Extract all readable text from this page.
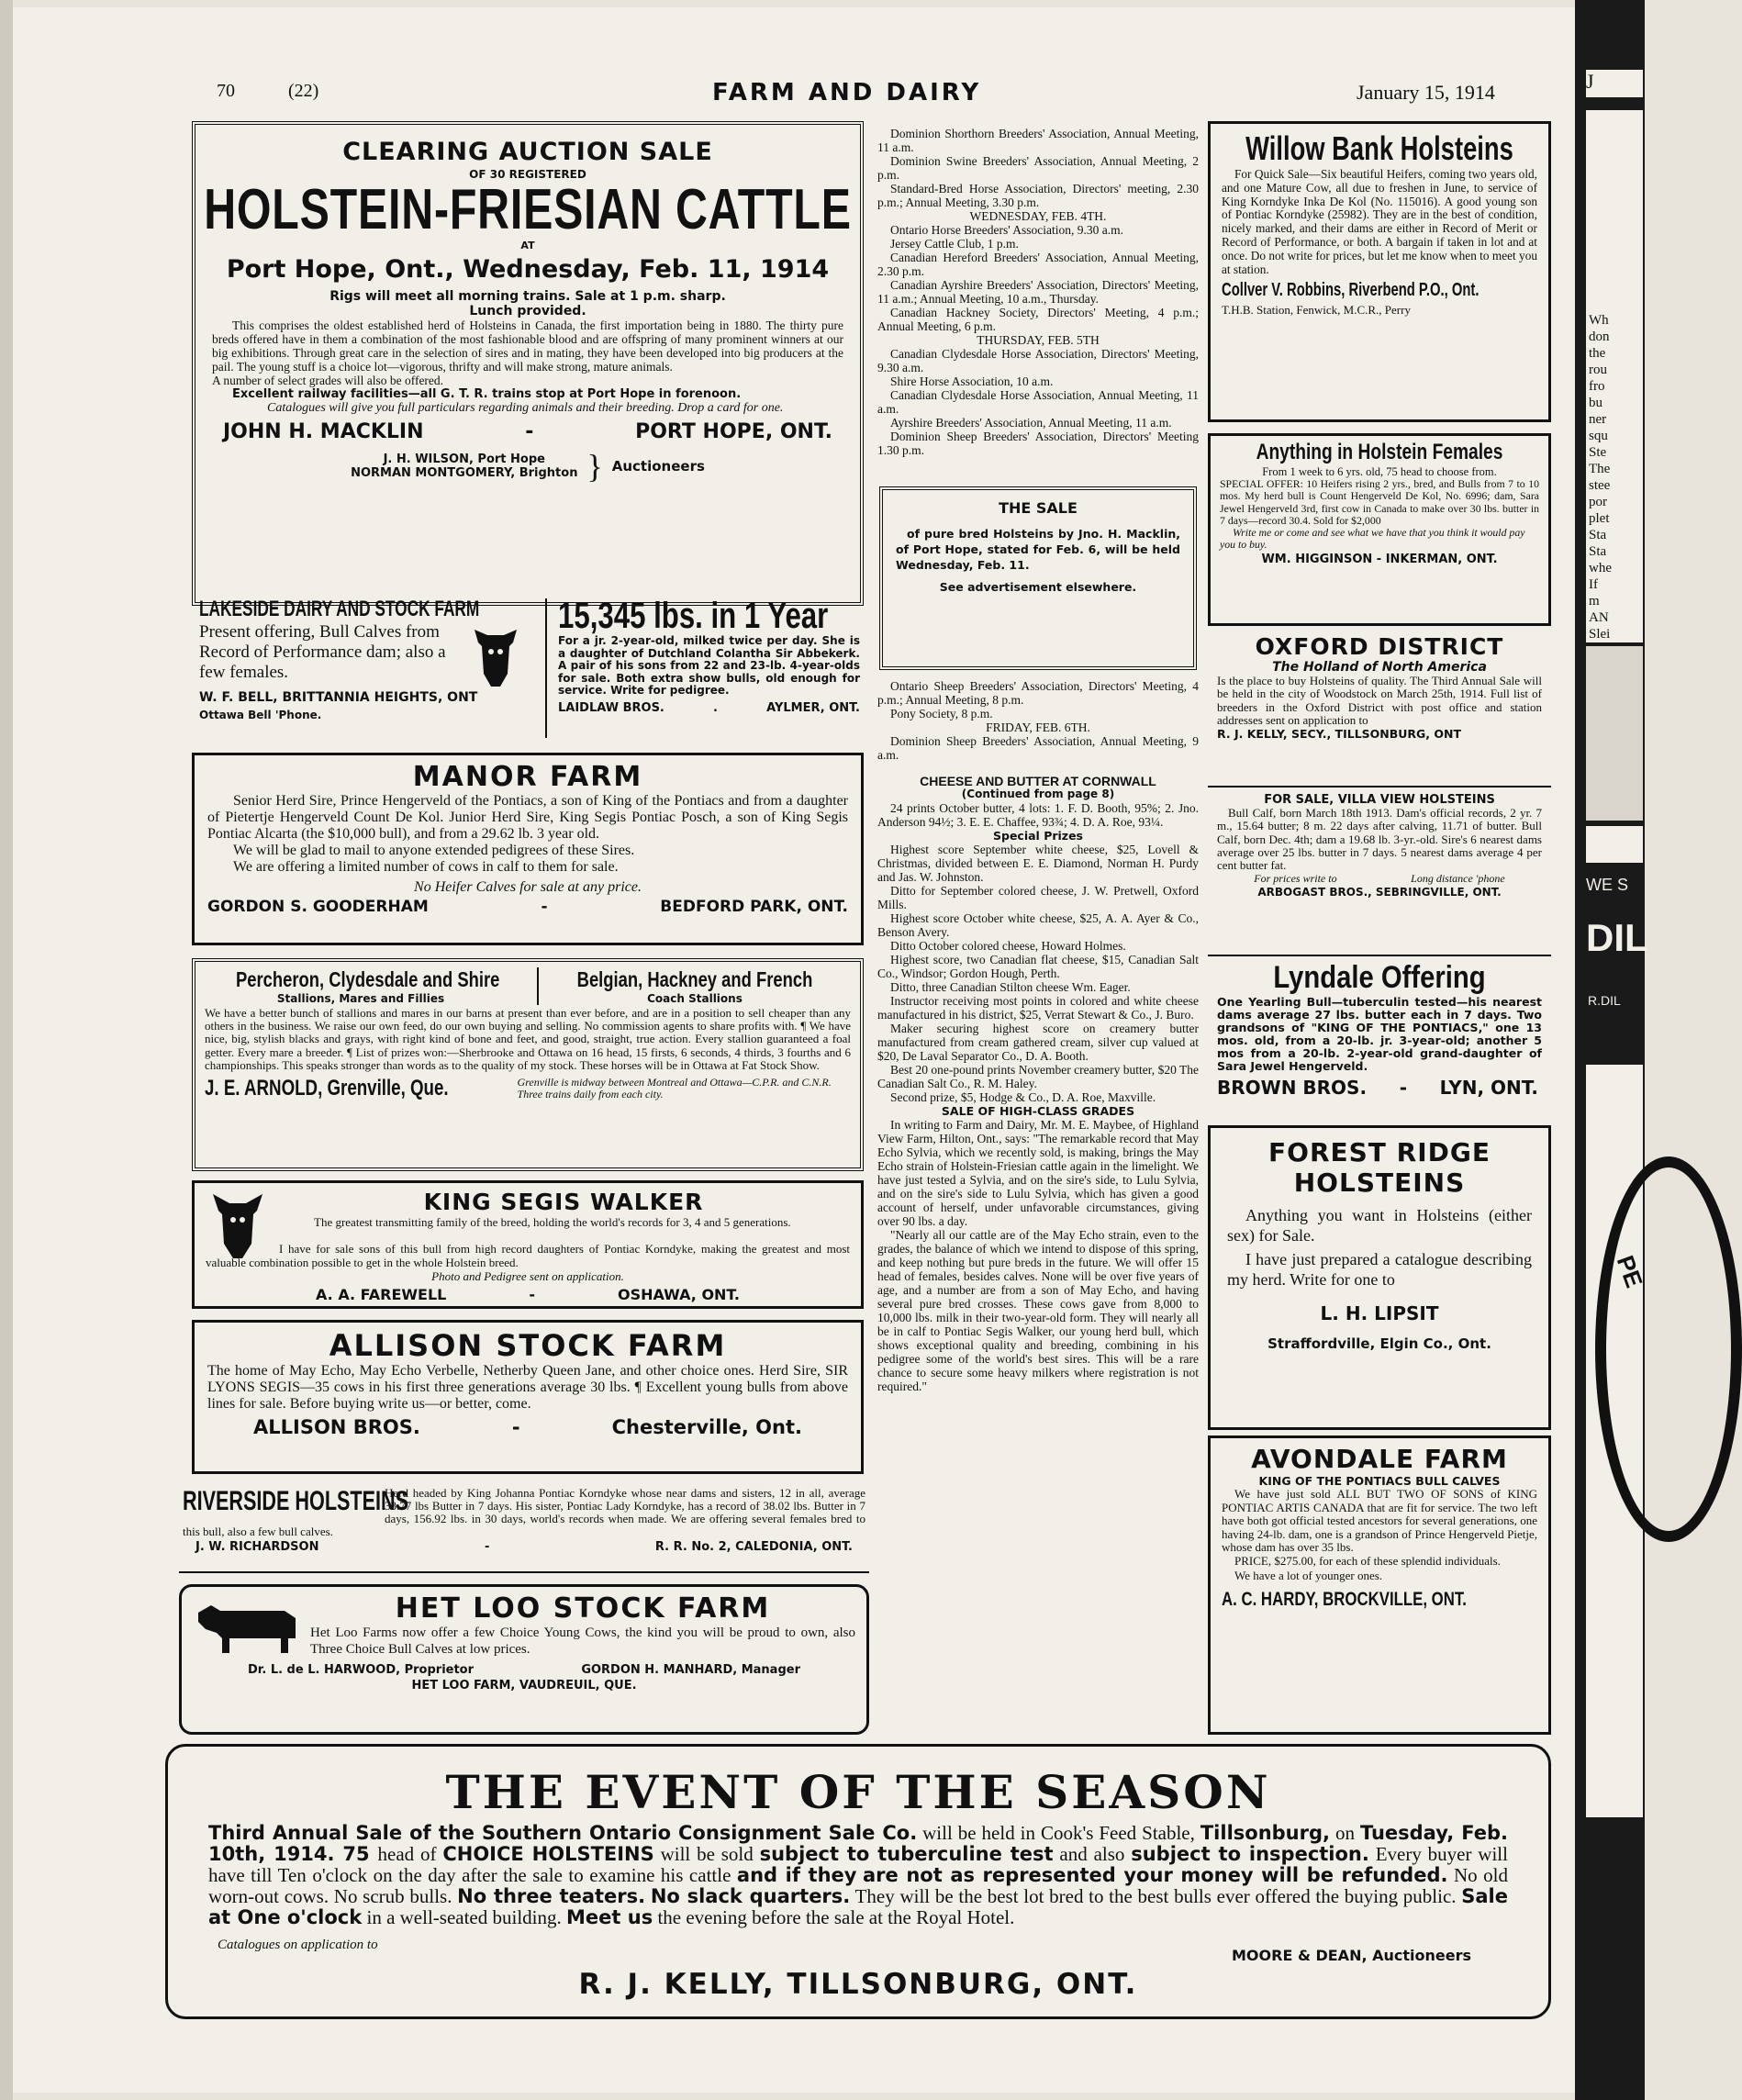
70	(22)	FARM AND DAIRY	January 15, 1914
CLEARING AUCTION SALE
OF 30 REGISTERED
HOLSTEIN-FRIESIAN CATTLE
AT
Port Hope, Ont., Wednesday, Feb. 11, 1914
Rigs will meet all morning trains. Sale at 1 p.m. sharp.
Lunch provided.
This comprises the oldest established herd of Holsteins in Canada, the first importation being in 1880. The thirty pure breds offered have in them a combination of the most fashionable blood and are offspring of many prominent winners at our big exhibitions. Through great care in the selection of sires and in mating, they have been developed into big producers at the pail. The young stuff is a choice lot—vigorous, thrifty and will make strong, mature animals.
A number of select grades will also be offered.
Excellent railway facilities—all G. T. R. trains stop at Port Hope in forenoon.
Catalogues will give you full particulars regarding animals and their breeding. Drop a card for one.
JOHN H. MACKLIN	-	PORT HOPE, ONT.
J. H. WILSON, Port Hope
NORMAN MONTGOMERY, Brighton } Auctioneers
LAKESIDE DAIRY AND STOCK FARM
Present offering, Bull Calves from Record of Performance dam; also a few females.
W. F. BELL, BRITTANNIA HEIGHTS, ONT
Ottawa Bell 'Phone.
15,345 lbs. in 1 Year
For a jr. 2-year-old, milked twice per day. She is a daughter of Dutchland Colantha Sir Abbekerk. A pair of his sons from 22 and 23-lb. 4-year-olds for sale. Both extra show bulls, old enough for service. Write for pedigree.
LAIDLAW BROS.	.	AYLMER, ONT.
MANOR FARM
Senior Herd Sire, Prince Hengerveld of the Pontiacs, a son of King of the Pontiacs and from a daughter of Pietertje Hengerveld Count De Kol. Junior Herd Sire, King Segis Pontiac Posch, a son of King Segis Pontiac Alcarta (the $10,000 bull), and from a 29.62 lb. 3 year old.
We will be glad to mail to anyone extended pedigrees of these Sires.
We are offering a limited number of cows in calf to them for sale.
No Heifer Calves for sale at any price.
GORDON S. GOODERHAM	-	BEDFORD PARK, ONT.
Percheron, Clydesdale and Shire
Stallions, Mares and Fillies
Belgian, Hackney and French
Coach Stallions
We have a better bunch of stallions and mares in our barns at present than ever before, and are in a position to sell cheaper than any others in the business. We raise our own feed, do our own buying and selling. No commission agents to share profits with. ¶ We have nice, big, stylish blacks and grays, with right kind of bone and feet, and good, straight, true action. Every stallion guaranteed a foal getter. Every mare a breeder. ¶ List of prizes won:—Sherbrooke and Ottawa on 16 head, 15 firsts, 6 seconds, 4 thirds, 3 fourths and 6 championships. This speaks stronger than words as to the quality of my stock. These horses will be in Ottawa at Fat Stock Show.
J. E. ARNOLD, Grenville, Que.	Grenville is midway between Montreal and Ottawa—C.P.R. and C.N.R. Three trains daily from each city.
KING SEGIS WALKER
The greatest transmitting family of the breed, holding the world's records for 3, 4 and 5 generations.
I have for sale sons of this bull from high record daughters of Pontiac Korndyke, making the greatest and most valuable combination possible to get in the whole Holstein breed.
Photo and Pedigree sent on application.
A. A. FAREWELL	-	OSHAWA, ONT.
ALLISON STOCK FARM
The home of May Echo, May Echo Verbelle, Netherby Queen Jane, and other choice ones. Herd Sire, SIR LYONS SEGIS—35 cows in his first three generations average 30 lbs. ¶ Excellent young bulls from above lines for sale. Before buying write us—or better, come.
ALLISON BROS.	-	Chesterville, Ont.
RIVERSIDE HOLSTEINS
Herd headed by King Johanna Pontiac Korndyke whose near dams and sisters, 12 in all, average 33.77 lbs Butter in 7 days. His sister, Pontiac Lady Korndyke, has a record of 38.02 lbs. Butter in 7 days, 156.92 lbs. in 30 days, world's records when made. We are offering several females bred to this bull, also a few bull calves.
J. W. RICHARDSON	-	R. R. No. 2, CALEDONIA, ONT.
HET LOO STOCK FARM
Het Loo Farms now offer a few Choice Young Cows, the kind you will be proud to own, also Three Choice Bull Calves at low prices.
Dr. L. de L. HARWOOD, Proprietor	GORDON H. MANHARD, Manager
HET LOO FARM, VAUDREUIL, QUE.

Dominion Shorthorn Breeders' Association, Annual Meeting, 11 a.m.

Dominion Swine Breeders' Association, Annual Meeting, 2 p.m.

Standard-Bred Horse Association, Directors' meeting, 2.30 p.m.; Annual Meeting, 3.30 p.m.

WEDNESDAY, FEB. 4TH.

Ontario Horse Breeders' Association, 9.30 a.m.

Jersey Cattle Club, 1 p.m.

Canadian Hereford Breeders' Association, Annual Meeting, 2.30 p.m.

Canadian Ayrshire Breeders' Association, Directors' Meeting, 11 a.m.; Annual Meeting, 10 a.m., Thursday.

Canadian Hackney Society, Directors' Meeting, 4 p.m.; Annual Meeting, 6 p.m.

THURSDAY, FEB. 5TH

Canadian Clydesdale Horse Association, Directors' Meeting, 9.30 a.m.

Shire Horse Association, 10 a.m.

Canadian Clydesdale Horse Association, Annual Meeting, 11 a.m.

Ayrshire Breeders' Association, Annual Meeting, 11 a.m.

Dominion Sheep Breeders' Association, Directors' Meeting 1.30 p.m.

THE SALE
of pure bred Holsteins by Jno. H. Macklin, of Port Hope, stated for Feb. 6, will be held Wednesday, Feb. 11.
See advertisement elsewhere.

Ontario Sheep Breeders' Association, Directors' Meeting, 4 p.m.; Annual Meeting, 8 p.m.

Pony Society, 8 p.m.

FRIDAY, FEB. 6TH.

Dominion Sheep Breeders' Association, Annual Meeting, 9 a.m.

CHEESE AND BUTTER AT CORNWALL

(Continued from page 8)

24 prints October butter, 4 lots: 1. F. D. Booth, 95%; 2. Jno. Anderson 94½; 3. E. E. Chaffee, 93¾; 4. D. A. Roe, 93¼.

Special Prizes

Highest score September white cheese, $25, Lovell & Christmas, divided between E. E. Diamond, Norman H. Purdy and Jas. W. Johnston.

Ditto for September colored cheese, J. W. Pretwell, Oxford Mills.

Highest score October white cheese, $25, A. A. Ayer & Co., Benson Avery.

Ditto October colored cheese, Howard Holmes.

Highest score, two Canadian flat cheese, $15, Canadian Salt Co., Windsor; Gordon Hough, Perth.

Ditto, three Canadian Stilton cheese Wm. Eager.

Instructor receiving most points in colored and white cheese manufactured in his district, $25, Verrat Stewart & Co., J. Buro.

Maker securing highest score on creamery butter manufactured from cream gathered cream, silver cup valued at $20, De Laval Separator Co., D. A. Booth.

Best 20 one-pound prints November creamery butter, $20 The Canadian Salt Co., R. M. Haley.

Second prize, $5, Hodge & Co., D. A. Roe, Maxville.

SALE OF HIGH-CLASS GRADES

In writing to Farm and Dairy, Mr. M. E. Maybee, of Highland View Farm, Hilton, Ont., says: "The remarkable record that May Echo Sylvia, which we recently sold, is making, brings the May Echo strain of Holstein-Friesian cattle again in the limelight. We have just tested a Sylvia, and on the sire's side, to Lulu Sylvia, and on the sire's side to Lulu Sylvia, which has given a good account of herself, under unfavorable circumstances, giving over 90 lbs. a day.

"Nearly all our cattle are of the May Echo strain, even to the grades, the balance of which we intend to dispose of this spring, and keep nothing but pure breds in the future. We will offer 15 head of females, besides calves. None will be over five years of age, and a number are from a son of May Echo, and having several pure bred crosses. These cows gave from 8,000 to 10,000 lbs. milk in their two-year-old form. They will nearly all be in calf to Pontiac Segis Walker, our young herd bull, which shows exceptional quality and breeding, combining in his pedigree some of the world's best sires. This will be a rare chance to secure some heavy milkers where registration is not required."

Willow Bank Holsteins
For Quick Sale—Six beautiful Heifers, coming two years old, and one Mature Cow, all due to freshen in June, to service of King Korndyke Inka De Kol (No. 115016). A good young son of Pontiac Korndyke (25982). They are in the best of condition, nicely marked, and their dams are either in Record of Merit or Record of Performance, or both. A bargain if taken in lot and at once. Do not write for prices, but let me know when to meet you at station.
Collver V. Robbins, Riverbend P.O., Ont.
T.H.B. Station, Fenwick, M.C.R., Perry
Anything in Holstein Females
From 1 week to 6 yrs. old, 75 head to choose from.
SPECIAL OFFER: 10 Heifers rising 2 yrs., bred, and Bulls from 7 to 10 mos. My herd bull is Count Hengerveld De Kol, No. 6996; dam, Sara Jewel Hengerveld 3rd, first cow in Canada to make over 30 lbs. butter in 7 days—record 30.4. Sold for $2,000
Write me or come and see what we have that you think it would pay you to buy.
WM. HIGGINSON - INKERMAN, ONT.
OXFORD DISTRICT
The Holland of North America
Is the place to buy Holsteins of quality. The Third Annual Sale will be held in the city of Woodstock on March 25th, 1914. Full list of breeders in the Oxford District with post office and station addresses sent on application to
R. J. KELLY, SECY., TILLSONBURG, ONT
FOR SALE, VILLA VIEW HOLSTEINS
Bull Calf, born March 18th 1913. Dam's official records, 2 yr. 7 m., 15.64 butter; 8 m. 22 days after calving, 11.71 of butter. Bull Calf, born Dec. 4th; dam a 19.68 lb. 3-yr.-old. Sire's 6 nearest dams average over 25 lbs. butter in 7 days. 5 nearest dams average 4 per cent butter fat.
For prices write to	Long distance 'phone
ARBOGAST BROS., SEBRINGVILLE, ONT.
Lyndale Offering
One Yearling Bull—tuberculin tested—his nearest dams average 27 lbs. butter each in 7 days. Two grandsons of "KING OF THE PONTIACS," one 13 mos. old, from a 20-lb. jr. 3-year-old; another 5 mos from a 20-lb. 2-year-old grand-daughter of Sara Jewel Hengerveld.
BROWN BROS. - LYN, ONT.
FOREST RIDGE
HOLSTEINS
Anything you want in Holsteins (either sex) for Sale.
I have just prepared a catalogue describing my herd. Write for one to
L. H. LIPSIT
Straffordville, Elgin Co., Ont.
AVONDALE FARM
KING OF THE PONTIACS BULL CALVES
We have just sold ALL BUT TWO OF SONS of KING PONTIAC ARTIS CANADA that are fit for service. The two left have both got official tested ancestors for several generations, one having 24-lb. dam, one is a grandson of Prince Hengerveld Pietje, whose dam has over 35 lbs.
PRICE, $275.00, for each of these splendid individuals.
We have a lot of younger ones.
A. C. HARDY, BROCKVILLE, ONT.
THE EVENT OF THE SEASON
Third Annual Sale of the Southern Ontario Consignment Sale Co. will be held in Cook's Feed Stable, Tillsonburg, on Tuesday, Feb. 10th, 1914. 75 head of CHOICE HOLSTEINS will be sold subject to tuberculine test and also subject to inspection. Every buyer will have till Ten o'clock on the day after the sale to examine his cattle and if they are not as represented your money will be refunded. No old worn-out cows. No scrub bulls. No three teaters. No slack quarters. They will be the best lot bred to the best bulls ever offered the buying public. Sale at One o'clock in a well-seated building. Meet us the evening before the sale at the Royal Hotel.
Catalogues on application to
MOORE & DEAN, Auctioneers
R. J. KELLY, TILLSONBURG, ONT.
J
Wh
don
the
rou
fro
bu
ner
squ
Ste
The
stee
por
plet
Sta
Sta
whe
If
m
AN
Slei
WE S
DIL
R.DIL
PE
